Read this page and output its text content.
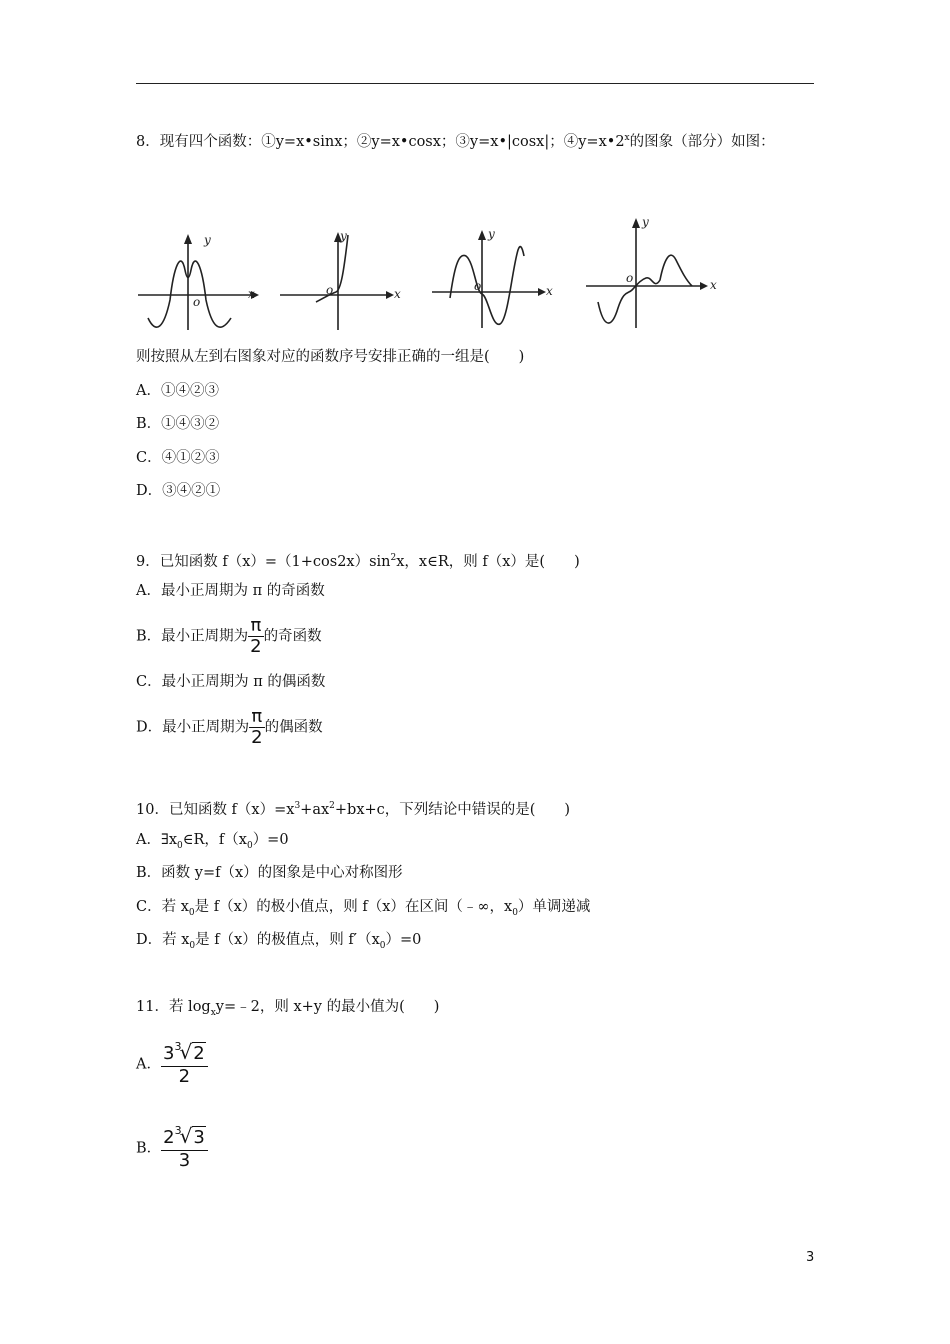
8．现有四个函数：①y=x•sinx；②y=x•cosx；③y=x•|cosx|；$④y=x•2^x$的图象（部分）如图：
y
x
o
y
x
o
y
x
o
y
x
o
则按照从左到右图象对应的函数序号安排正确的一组是(　　)
A．①④②③
B．①④③②
C．④①②③
D．③④②①
9．已知函数 $f(x)=(1+\cos 2x)\sin^2x$，x∈R，则 f（x）是(　　)
A．最小正周期为 π 的奇函数
B．最小正周期为 $\frac{\pi}{2}$ 的奇函数
C．最小正周期为 π 的偶函数
D．最小正周期为 $\frac{\pi}{2}$ 的偶函数
10．已知函数 $f(x)=x^3+ax^2+bx+c$，下列结论中错误的是(　　)
A．$\exists x_0\in R$，$f(x_0)=0$
B．函数 y=f（x）的图象是中心对称图形
C．若 $x_0$是 f（x）的极小值点，则 f（x）在区间（﹣∞，$x_0$）单调递减
D．若 $x_0$是 f（x）的极值点，则 $f'(x_0)=0$
11．若 $\log_xy=﹣2$，则 x+y 的最小值为(　　)
A． $\frac{3^3√2}{2}$
B． $\frac{2^3√3}{3}$
3
